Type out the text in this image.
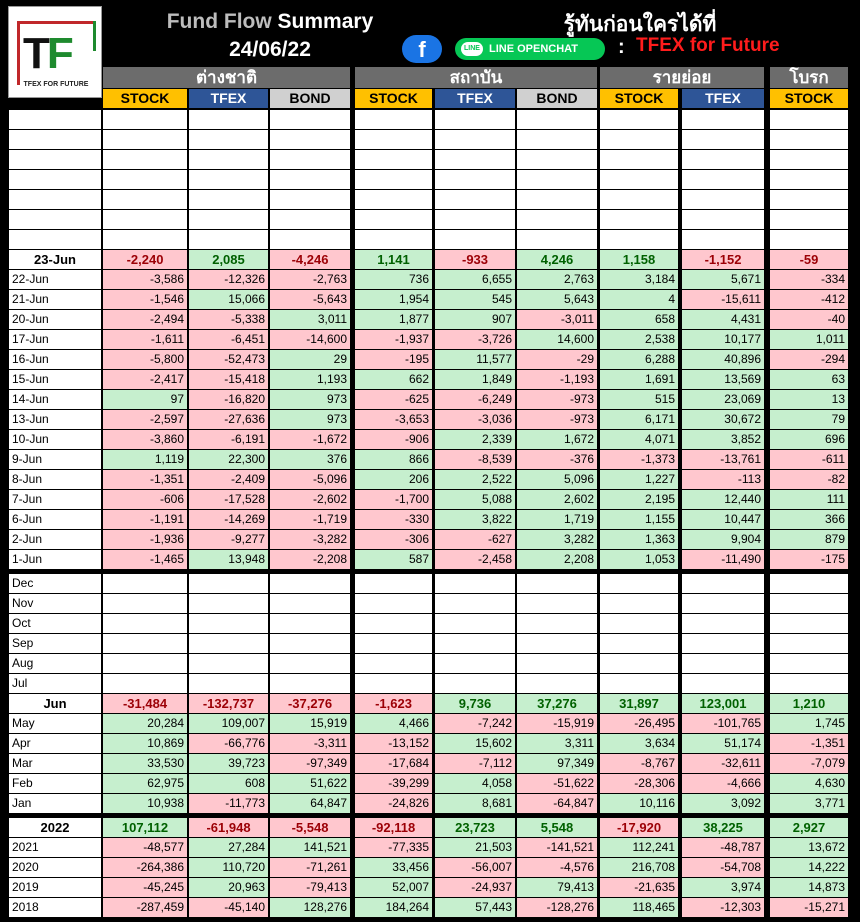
TF
TFEX FOR FUTURE
Fund Flow Summary
24/06/22
รู้ทันก่อนใครได้ที่
f	LINE LINE OPENCHAT	: TFEX for Future
ต่างชาติ	สถาบัน	รายย่อย	โบรก
STOCK	TFEX	BOND	STOCK	TFEX	BOND	STOCK	TFEX	STOCK
23-Jun	-2,240	2,085	-4,246	1,141	-933	4,246	1,158	-1,152	-59
22-Jun	-3,586	-12,326	-2,763	736	6,655	2,763	3,184	5,671	-334
21-Jun	-1,546	15,066	-5,643	1,954	545	5,643	4	-15,611	-412
20-Jun	-2,494	-5,338	3,011	1,877	907	-3,011	658	4,431	-40
17-Jun	-1,611	-6,451	-14,600	-1,937	-3,726	14,600	2,538	10,177	1,011
16-Jun	-5,800	-52,473	29	-195	11,577	-29	6,288	40,896	-294
15-Jun	-2,417	-15,418	1,193	662	1,849	-1,193	1,691	13,569	63
14-Jun	97	-16,820	973	-625	-6,249	-973	515	23,069	13
13-Jun	-2,597	-27,636	973	-3,653	-3,036	-973	6,171	30,672	79
10-Jun	-3,860	-6,191	-1,672	-906	2,339	1,672	4,071	3,852	696
9-Jun	1,119	22,300	376	866	-8,539	-376	-1,373	-13,761	-611
8-Jun	-1,351	-2,409	-5,096	206	2,522	5,096	1,227	-113	-82
7-Jun	-606	-17,528	-2,602	-1,700	5,088	2,602	2,195	12,440	111
6-Jun	-1,191	-14,269	-1,719	-330	3,822	1,719	1,155	10,447	366
2-Jun	-1,936	-9,277	-3,282	-306	-627	3,282	1,363	9,904	879
1-Jun	-1,465	13,948	-2,208	587	-2,458	2,208	1,053	-11,490	-175
Dec
Nov
Oct
Sep
Aug
Jul
Jun	-31,484	-132,737	-37,276	-1,623	9,736	37,276	31,897	123,001	1,210
May	20,284	109,007	15,919	4,466	-7,242	-15,919	-26,495	-101,765	1,745
Apr	10,869	-66,776	-3,311	-13,152	15,602	3,311	3,634	51,174	-1,351
Mar	33,530	39,723	-97,349	-17,684	-7,112	97,349	-8,767	-32,611	-7,079
Feb	62,975	608	51,622	-39,299	4,058	-51,622	-28,306	-4,666	4,630
Jan	10,938	-11,773	64,847	-24,826	8,681	-64,847	10,116	3,092	3,771
2022	107,112	-61,948	-5,548	-92,118	23,723	5,548	-17,920	38,225	2,927
2021	-48,577	27,284	141,521	-77,335	21,503	-141,521	112,241	-48,787	13,672
2020	-264,386	110,720	-71,261	33,456	-56,007	-4,576	216,708	-54,708	14,222
2019	-45,245	20,963	-79,413	52,007	-24,937	79,413	-21,635	3,974	14,873
2018	-287,459	-45,140	128,276	184,264	57,443	-128,276	118,465	-12,303	-15,271
